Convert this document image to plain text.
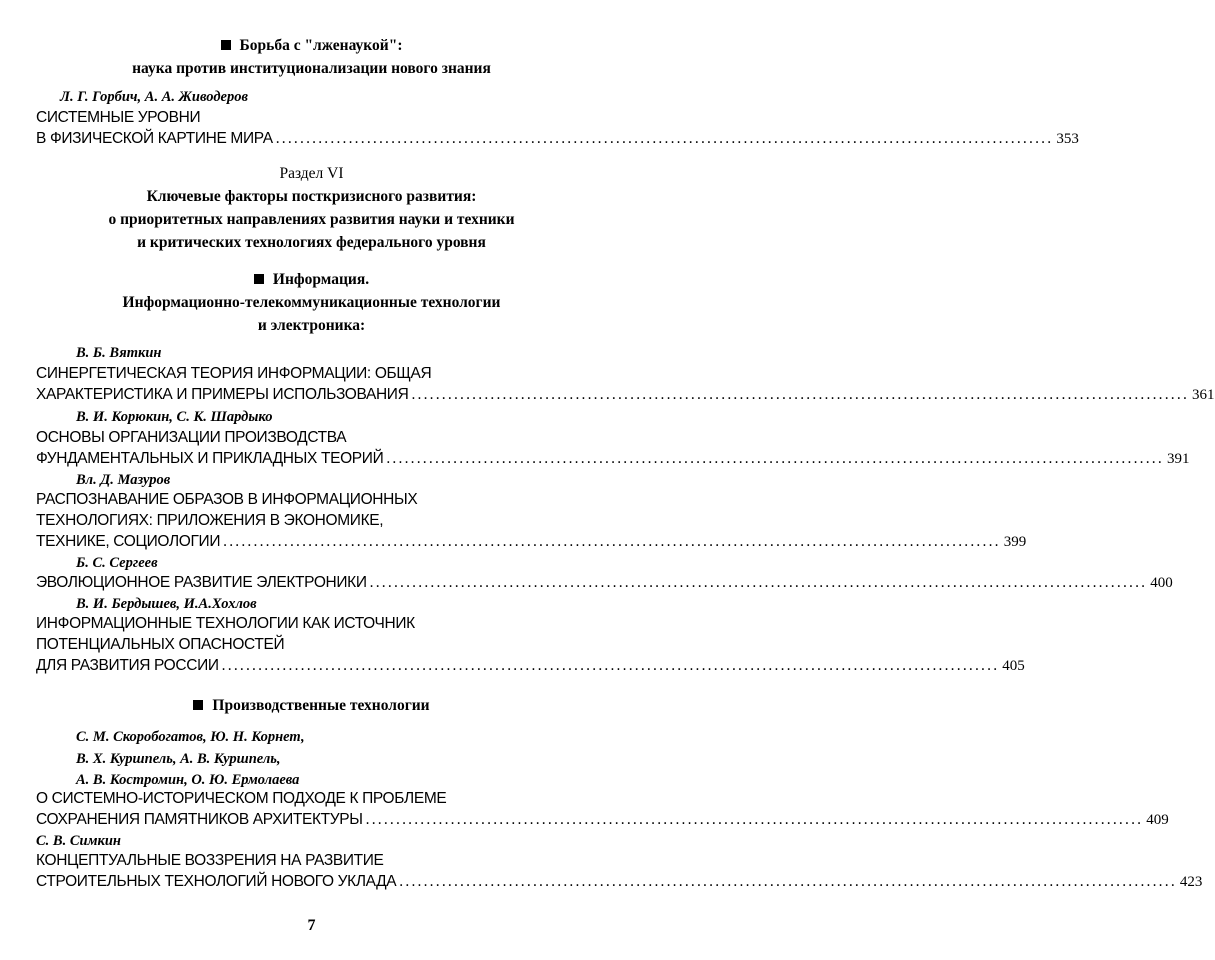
Борьба с "лженаукой":
наука против институционализации нового знания
Л. Г. Горбич, А. А. Живодеров
СИСТЕМНЫЕ УРОВНИ
В ФИЗИЧЕСКОЙ КАРТИНЕ МИРА ................................................................................................................................ 353
Раздел VI
Ключевые факторы посткризисного развития:
о приоритетных направлениях развития науки и техники
и критических технологиях федерального уровня
Информация.
Информационно-телекоммуникационные технологии
и электроника:
В. Б. Вяткин
СИНЕРГЕТИЧЕСКАЯ ТЕОРИЯ ИНФОРМАЦИИ: ОБЩАЯ
ХАРАКТЕРИСТИКА И ПРИМЕРЫ ИСПОЛЬЗОВАНИЯ ................................................................................................................................ 361
В. И. Корюкин, С. К. Шардыко
ОСНОВЫ ОРГАНИЗАЦИИ ПРОИЗВОДСТВА
ФУНДАМЕНТАЛЬНЫХ И ПРИКЛАДНЫХ ТЕОРИЙ ................................................................................................................................ 391
Вл. Д. Мазуров
РАСПОЗНАВАНИЕ ОБРАЗОВ В ИНФОРМАЦИОННЫХ
ТЕХНОЛОГИЯХ: ПРИЛОЖЕНИЯ В ЭКОНОМИКЕ,
ТЕХНИКЕ, СОЦИОЛОГИИ ................................................................................................................................ 399
Б. С. Сергеев
ЭВОЛЮЦИОННОЕ РАЗВИТИЕ ЭЛЕКТРОНИКИ ................................................................................................................................ 400
В. И. Бердышев, И.А.Хохлов
ИНФОРМАЦИОННЫЕ ТЕХНОЛОГИИ КАК ИСТОЧНИК
ПОТЕНЦИАЛЬНЫХ ОПАСНОСТЕЙ
ДЛЯ РАЗВИТИЯ РОССИИ ................................................................................................................................ 405
Производственные технологии
С. М. Скоробогатов, Ю. Н. Корнет,
В. Х. Куршпель, А. В. Куршпель,
А. В. Костромин, О. Ю. Ермолаева
О СИСТЕМНО-ИСТОРИЧЕСКОМ ПОДХОДЕ К ПРОБЛЕМЕ
СОХРАНЕНИЯ ПАМЯТНИКОВ АРХИТЕКТУРЫ ................................................................................................................................ 409
С. В. Симкин
КОНЦЕПТУАЛЬНЫЕ ВОЗЗРЕНИЯ НА РАЗВИТИЕ
СТРОИТЕЛЬНЫХ ТЕХНОЛОГИЙ НОВОГО УКЛАДА ................................................................................................................................ 423
7
